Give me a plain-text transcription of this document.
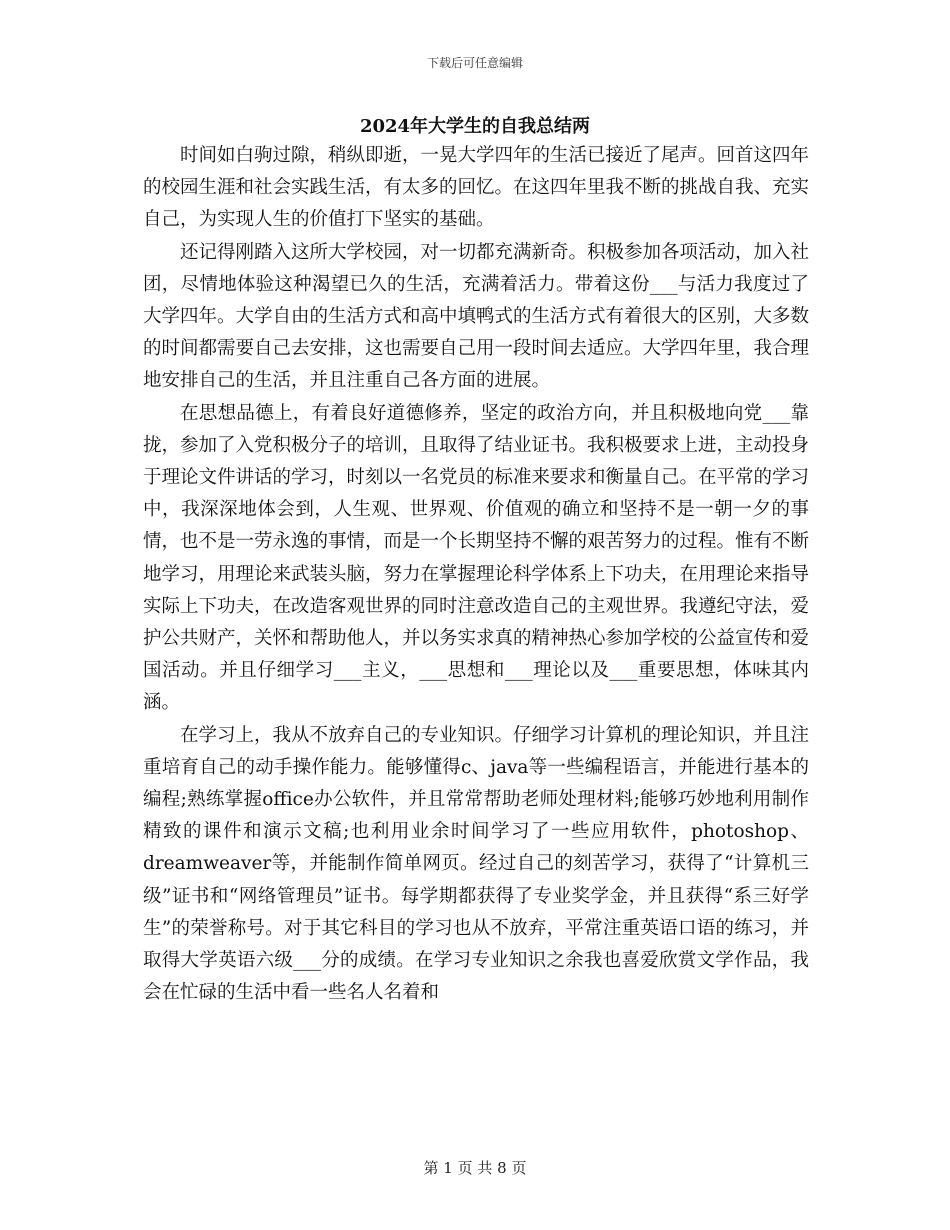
下载后可任意编辑
2024年大学生的自我总结两

时间如白驹过隙，稍纵即逝，一晃大学四年的生活已接近了尾声。回首这四年的校园生涯和社会实践生活，有太多的回忆。在这四年里我不断的挑战自我、充实自己，为实现人生的价值打下坚实的基础。

还记得刚踏入这所大学校园，对一切都充满新奇。积极参加各项活动，加入社团，尽情地体验这种渴望已久的生活，充满着活力。带着这份___与活力我度过了大学四年。大学自由的生活方式和高中填鸭式的生活方式有着很大的区别，大多数的时间都需要自己去安排，这也需要自己用一段时间去适应。大学四年里，我合理地安排自己的生活，并且注重自己各方面的进展。

在思想品德上，有着良好道德修养，坚定的政治方向，并且积极地向党___靠拢，参加了入党积极分子的培训，且取得了结业证书。我积极要求上进，主动投身于理论文件讲话的学习，时刻以一名党员的标准来要求和衡量自己。在平常的学习中，我深深地体会到，人生观、世界观、价值观的确立和坚持不是一朝一夕的事情，也不是一劳永逸的事情，而是一个长期坚持不懈的艰苦努力的过程。惟有不断地学习，用理论来武装头脑，努力在掌握理论科学体系上下功夫，在用理论来指导实际上下功夫，在改造客观世界的同时注意改造自己的主观世界。我遵纪守法，爱护公共财产，关怀和帮助他人，并以务实求真的精神热心参加学校的公益宣传和爱国活动。并且仔细学习___主义，___思想和___理论以及___重要思想，体味其内涵。

在学习上，我从不放弃自己的专业知识。仔细学习计算机的理论知识，并且注重培育自己的动手操作能力。能够懂得c、java等一些编程语言，并能进行基本的编程;熟练掌握office办公软件，并且常常帮助老师处理材料;能够巧妙地利用制作精致的课件和演示文稿;也利用业余时间学习了一些应用软件，photoshop、dreamweaver等，并能制作简单网页。经过自己的刻苦学习，获得了“计算机三级”证书和“网络管理员”证书。每学期都获得了专业奖学金，并且获得“系三好学生”的荣誉称号。对于其它科目的学习也从不放弃，平常注重英语口语的练习，并取得大学英语六级___分的成绩。在学习专业知识之余我也喜爱欣赏文学作品，我会在忙碌的生活中看一些名人名着和

第 1 页 共 8 页
